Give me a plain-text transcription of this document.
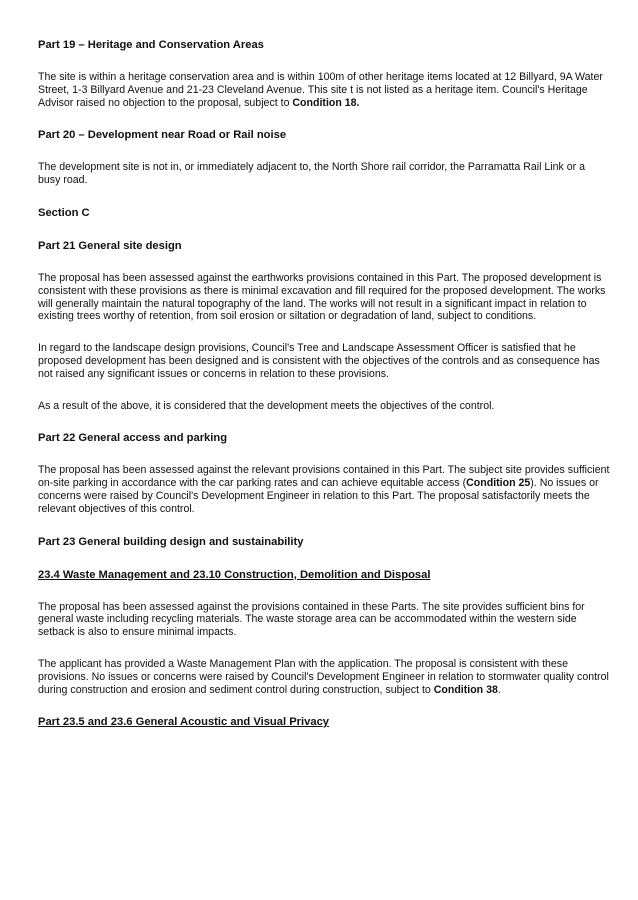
Part 19 – Heritage and Conservation Areas
The site is within a heritage conservation area and is within 100m of other heritage items located at 12 Billyard, 9A Water Street, 1-3 Billyard Avenue and 21-23 Cleveland Avenue. This site t is not listed as a heritage item. Council's Heritage Advisor raised no objection to the proposal, subject to Condition 18.
Part 20 – Development near Road or Rail noise
The development site is not in, or immediately adjacent to, the North Shore rail corridor, the Parramatta Rail Link or a busy road.
Section C
Part 21 General site design
The proposal has been assessed against the earthworks provisions contained in this Part. The proposed development is consistent with these provisions as there is minimal excavation and fill required for the proposed development. The works will generally maintain the natural topography of the land. The works will not result in a significant impact in relation to existing trees worthy of retention, from soil erosion or siltation or degradation of land, subject to conditions.
In regard to the landscape design provisions, Council's Tree and Landscape Assessment Officer is satisfied that he proposed development has been designed and is consistent with the objectives of the controls and as consequence has not raised any significant issues or concerns in relation to these provisions.
As a result of the above, it is considered that the development meets the objectives of the control.
Part 22 General access and parking
The proposal has been assessed against the relevant provisions contained in this Part. The subject site provides sufficient on-site parking in accordance with the car parking rates and can achieve equitable access (Condition 25). No issues or concerns were raised by Council's Development Engineer in relation to this Part. The proposal satisfactorily meets the relevant objectives of this control.
Part 23 General building design and sustainability
23.4 Waste Management and 23.10 Construction, Demolition and Disposal
The proposal has been assessed against the provisions contained in these Parts. The site provides sufficient bins for general waste including recycling materials. The waste storage area can be accommodated within the western side setback is also to ensure minimal impacts.
The applicant has provided a Waste Management Plan with the application. The proposal is consistent with these provisions. No issues or concerns were raised by Council's Development Engineer in relation to stormwater quality control during construction and erosion and sediment control during construction, subject to Condition 38.
Part 23.5 and 23.6 General Acoustic and Visual Privacy
